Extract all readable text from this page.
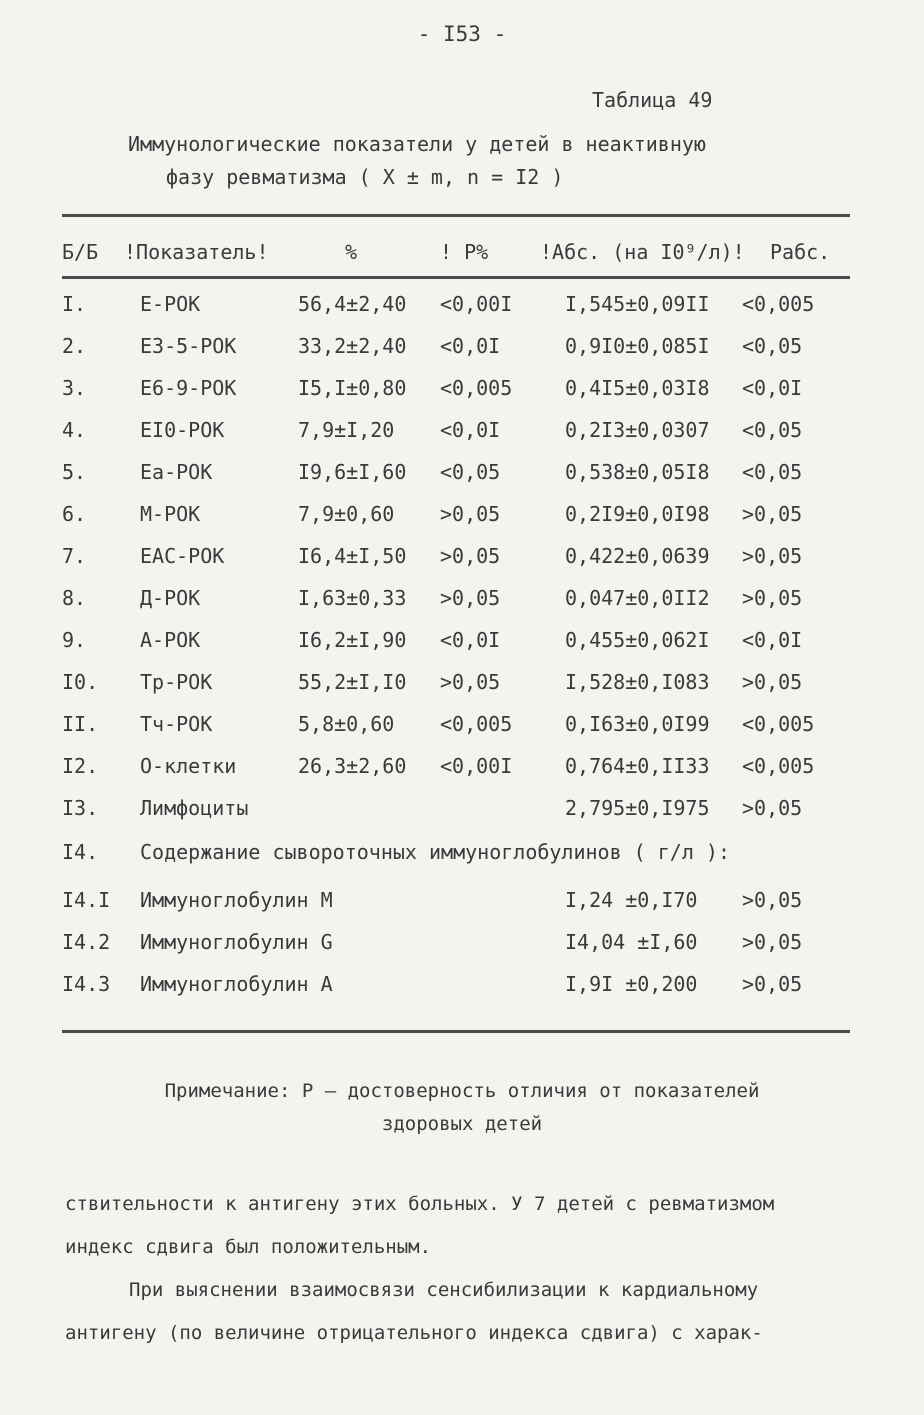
- I53 -
Таблица 49
Иммунологические показатели у детей в неактивную
фазу ревматизма ( X ± m, n = I2 )
Б/Б !Показатель!	%	! P%	!Абс. (на I0⁹/л)! Pабс.
I.	E-РОК	56,4±2,40 <0,00I	I,545±0,09II <0,005
2.	E3-5-РОК	33,2±2,40 <0,0I	0,9I0±0,085I <0,05
3.	E6-9-РОК	I5,I±0,80 <0,005	0,4I5±0,03I8 <0,0I
4.	EI0-РОК	7,9±I,20 <0,0I	0,2I3±0,0307 <0,05
5.	Ea-РОК	I9,6±I,60 <0,05	0,538±0,05I8 <0,05
6.	M-РОК	7,9±0,60 >0,05	0,2I9±0,0I98 >0,05
7.	EAC-РОК	I6,4±I,50 >0,05	0,422±0,0639 >0,05
8.	Д-РОК	I,63±0,33 >0,05	0,047±0,0II2 >0,05
9.	A-РОК	I6,2±I,90 <0,0I	0,455±0,062I <0,0I
I0. Tр-РОК	55,2±I,I0 >0,05	I,528±0,I083 >0,05
II. Tч-РОК	5,8±0,60 <0,005	0,I63±0,0I99 <0,005
I2. O-клетки	26,3±2,60 <0,00I	0,764±0,II33 <0,005
I3. Лимфоциты	2,795±0,I975 >0,05
I4. Содержание сывороточных иммуноглобулинов ( г/л ):
I4.I Иммуноглобулин M	I,24 ±0,I70 >0,05
I4.2 Иммуноглобулин G	I4,04 ±I,60 >0,05
I4.3 Иммуноглобулин A	I,9I ±0,200 >0,05
Примечание: P – достоверность отличия от показателей
здоровых детей
ствительности к антигену этих больных. У 7 детей с ревматизмом
индекс сдвига был положительным.
При выяснении взаимосвязи сенсибилизации к кардиальному
антигену (по величине отрицательного индекса сдвига) с харак-
